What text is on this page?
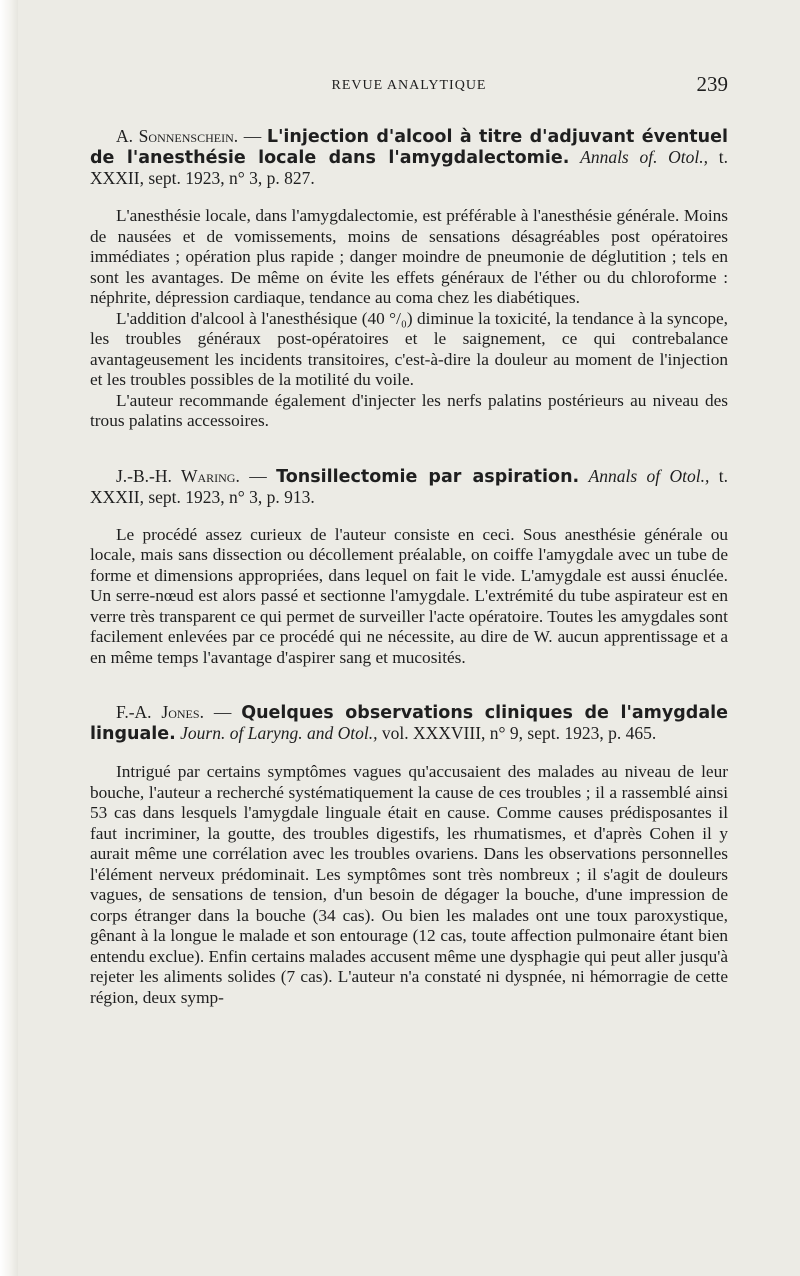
REVUE ANALYTIQUE	239

A. Sonnenschein. — L'injection d'alcool à titre d'adjuvant éventuel de l'anesthésie locale dans l'amygdalectomie. Annals of. Otol., t. XXXII, sept. 1923, n° 3, p. 827.

L'anesthésie locale, dans l'amygdalectomie, est préférable à l'anesthésie générale. Moins de nausées et de vomissements, moins de sensations désagréables post opératoires immédiates ; opération plus rapide ; danger moindre de pneumonie de déglutition ; tels en sont les avantages. De même on évite les effets généraux de l'éther ou du chloroforme : néphrite, dépression cardiaque, tendance au coma chez les diabétiques.

L'addition d'alcool à l'anesthésique (40 °/₀) diminue la toxicité, la tendance à la syncope, les troubles généraux post-opératoires et le saignement, ce qui contrebalance avantageusement les incidents transitoires, c'est-à-dire la douleur au moment de l'injection et les troubles possibles de la motilité du voile.

L'auteur recommande également d'injecter les nerfs palatins postérieurs au niveau des trous palatins accessoires.

J.-B.-H. Waring. — Tonsillectomie par aspiration. Annals of Otol., t. XXXII, sept. 1923, n° 3, p. 913.

Le procédé assez curieux de l'auteur consiste en ceci. Sous anesthésie générale ou locale, mais sans dissection ou décollement préalable, on coiffe l'amygdale avec un tube de forme et dimensions appropriées, dans lequel on fait le vide. L'amygdale est aussi énuclée. Un serre-nœud est alors passé et sectionne l'amygdale. L'extrémité du tube aspirateur est en verre très transparent ce qui permet de surveiller l'acte opératoire. Toutes les amygdales sont facilement enlevées par ce procédé qui ne nécessite, au dire de W. aucun apprentissage et a en même temps l'avantage d'aspirer sang et mucosités.

F.-A. Jones. — Quelques observations cliniques de l'amygdale linguale. Journ. of Laryng. and Otol., vol. XXXVIII, n° 9, sept. 1923, p. 465.

Intrigué par certains symptômes vagues qu'accusaient des malades au niveau de leur bouche, l'auteur a recherché systématiquement la cause de ces troubles ; il a rassemblé ainsi 53 cas dans lesquels l'amygdale linguale était en cause. Comme causes prédisposantes il faut incriminer, la goutte, des troubles digestifs, les rhumatismes, et d'après Cohen il y aurait même une corrélation avec les troubles ovariens. Dans les observations personnelles l'élément nerveux prédominait. Les symptômes sont très nombreux ; il s'agit de douleurs vagues, de sensations de tension, d'un besoin de dégager la bouche, d'une impression de corps étranger dans la bouche (34 cas). Ou bien les malades ont une toux paroxystique, gênant à la longue le malade et son entourage (12 cas, toute affection pulmonaire étant bien entendu exclue). Enfin certains malades accusent même une dysphagie qui peut aller jusqu'à rejeter les aliments solides (7 cas). L'auteur n'a constaté ni dyspnée, ni hémorragie de cette région, deux symp-
